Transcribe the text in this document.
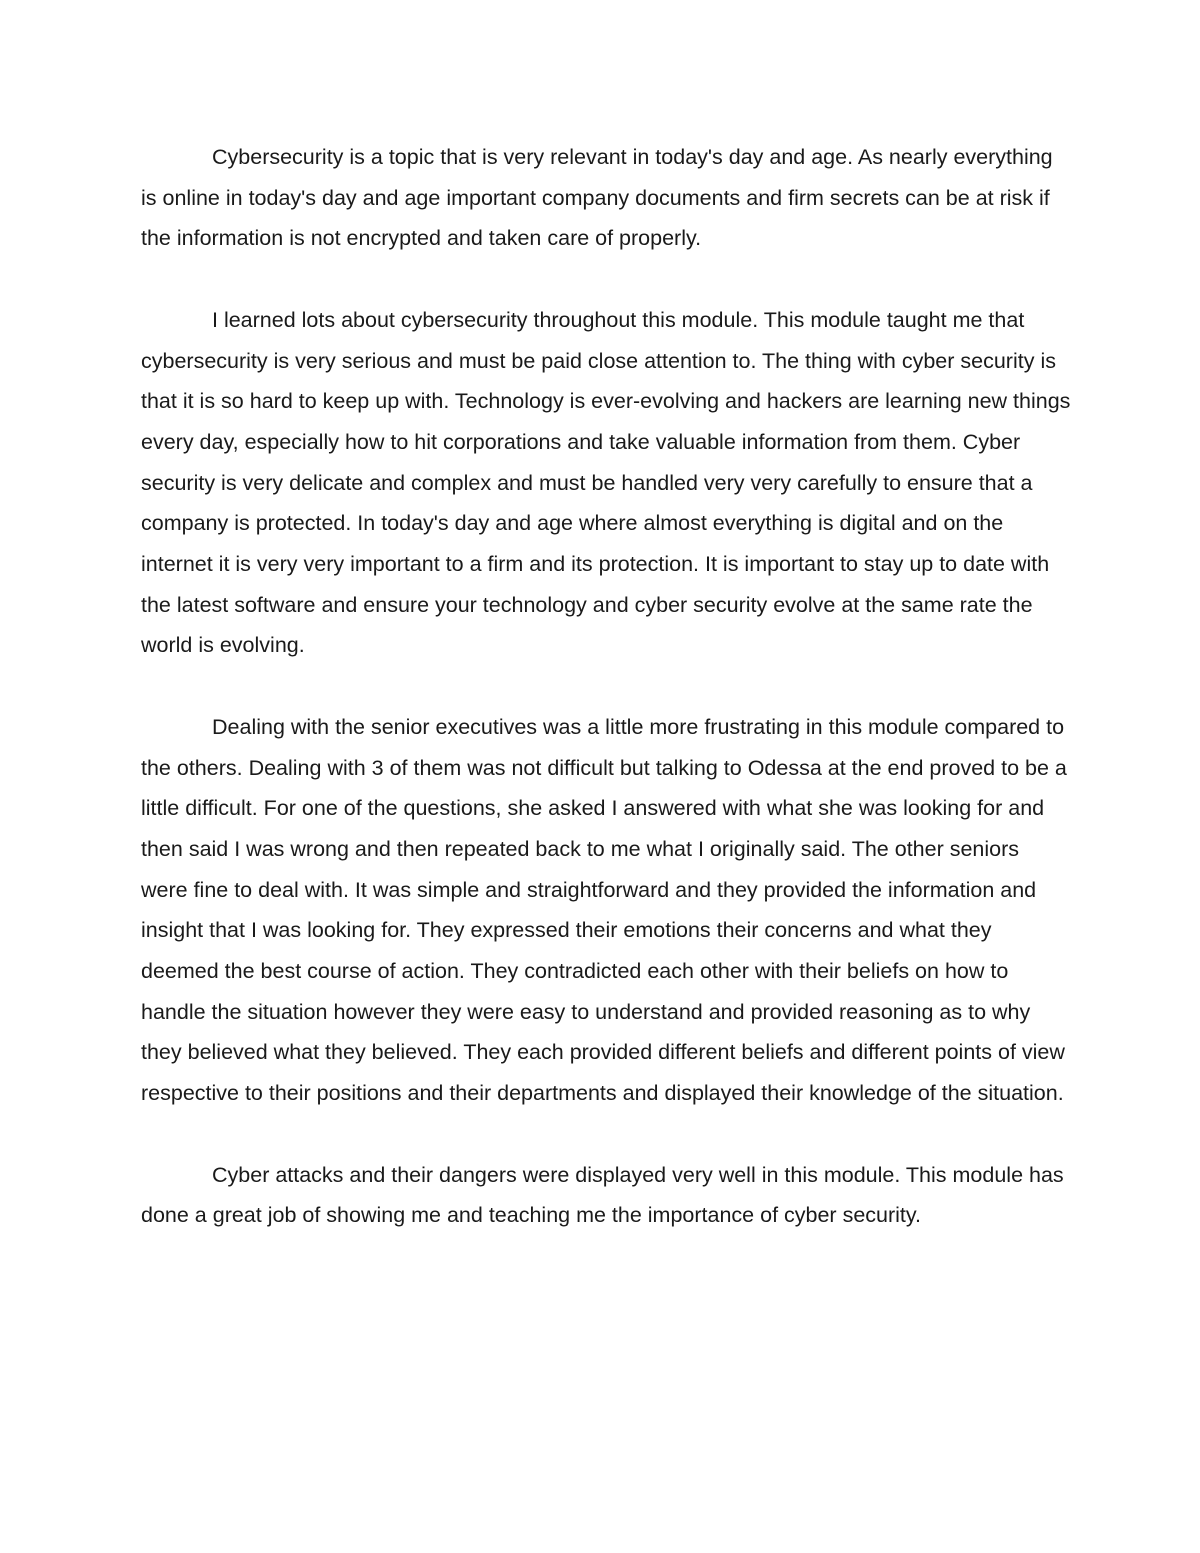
Cybersecurity is a topic that is very relevant in today's day and age. As nearly everything is online in today's day and age important company documents and firm secrets can be at risk if the information is not encrypted and taken care of properly.

I learned lots about cybersecurity throughout this module. This module taught me that cybersecurity is very serious and must be paid close attention to. The thing with cyber security is that it is so hard to keep up with. Technology is ever-evolving and hackers are learning new things every day, especially how to hit corporations and take valuable information from them. Cyber security is very delicate and complex and must be handled very very carefully to ensure that a company is protected. In today's day and age where almost everything is digital and on the internet it is very very important to a firm and its protection. It is important to stay up to date with the latest software and ensure your technology and cyber security evolve at the same rate the world is evolving.

Dealing with the senior executives was a little more frustrating in this module compared to the others. Dealing with 3 of them was not difficult but talking to Odessa at the end proved to be a little difficult. For one of the questions, she asked I answered with what she was looking for and then said I was wrong and then repeated back to me what I originally said. The other seniors were fine to deal with. It was simple and straightforward and they provided the information and insight that I was looking for. They expressed their emotions their concerns and what they deemed the best course of action. They contradicted each other with their beliefs on how to handle the situation however they were easy to understand and provided reasoning as to why they believed what they believed. They each provided different beliefs and different points of view respective to their positions and their departments and displayed their knowledge of the situation.

Cyber attacks and their dangers were displayed very well in this module. This module has done a great job of showing me and teaching me the importance of cyber security.
